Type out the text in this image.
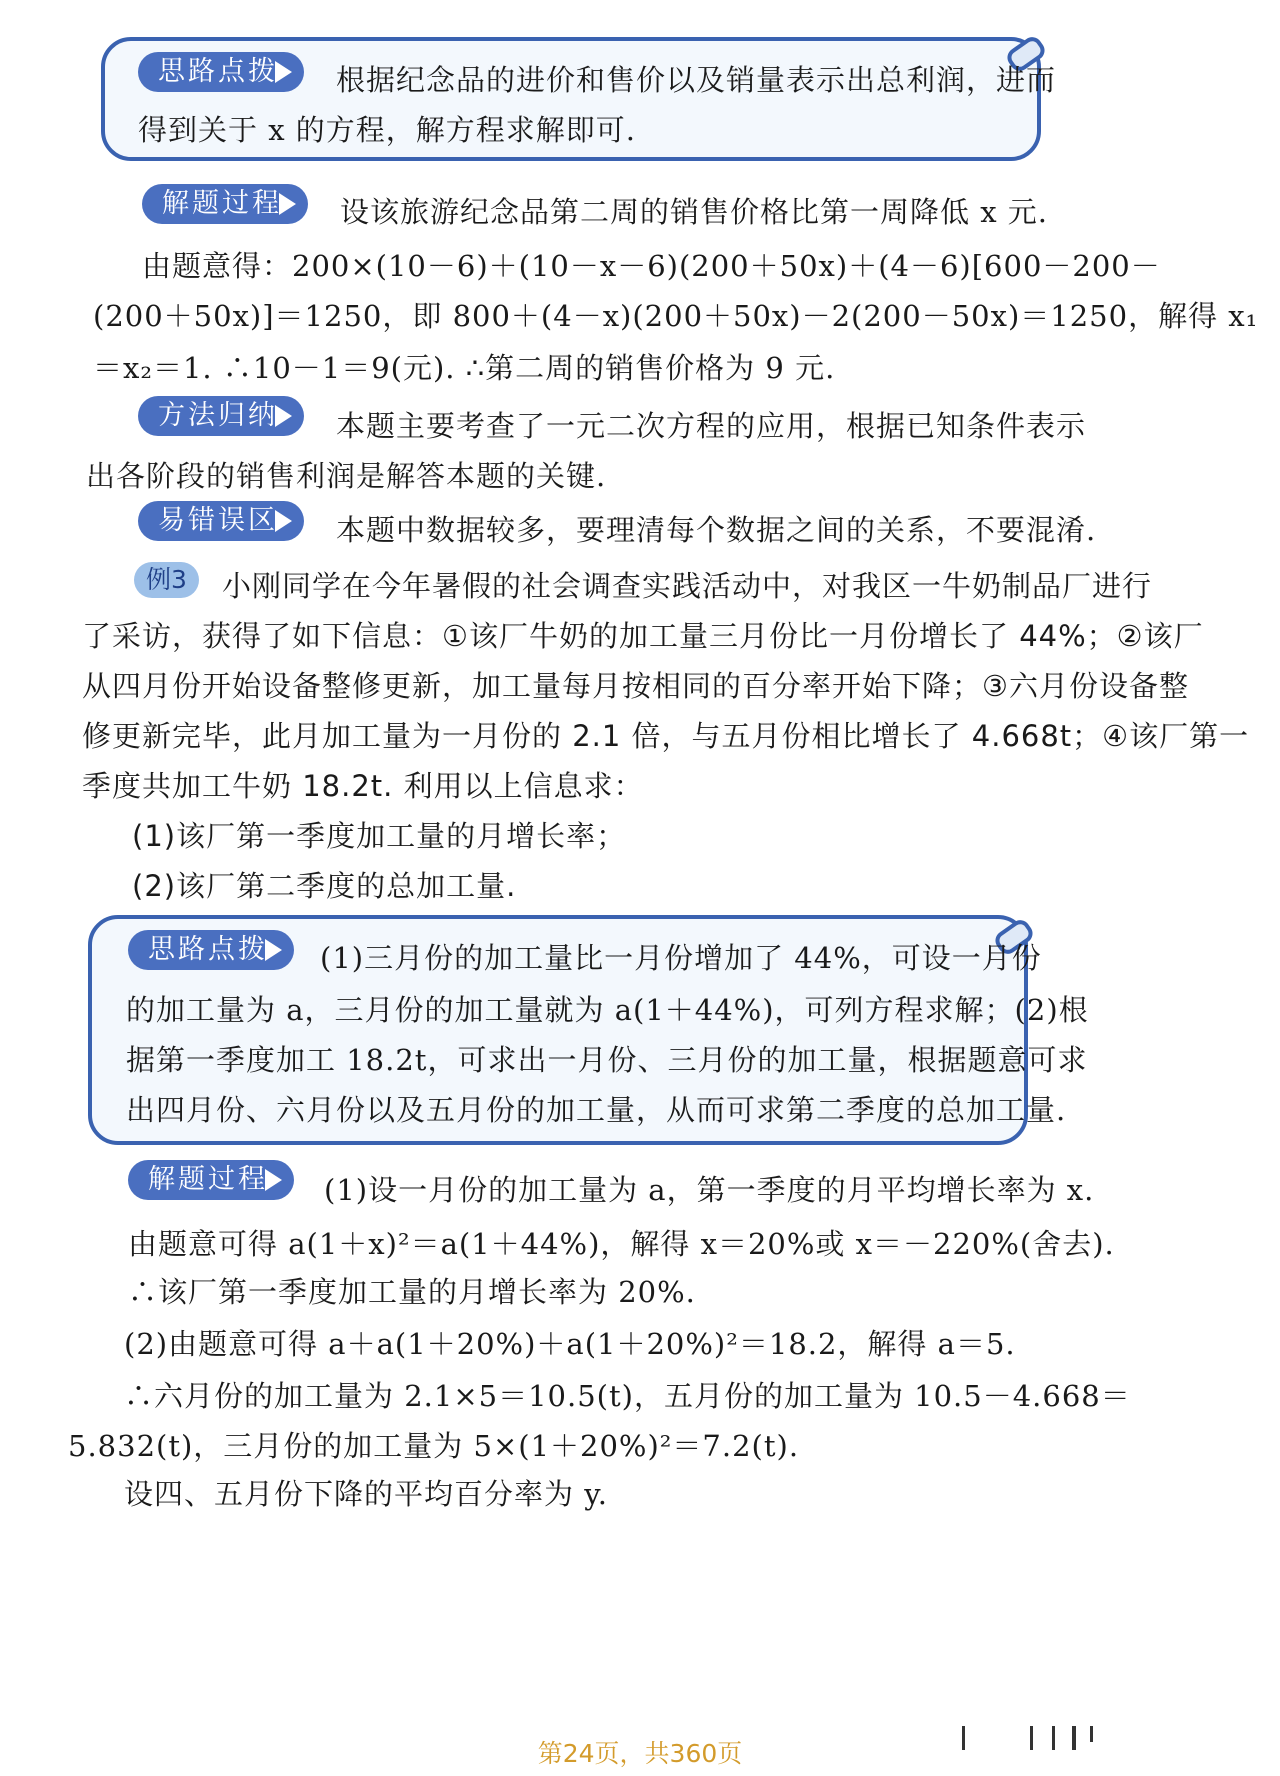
思路点拨	根据纪念品的进价和售价以及销量表示出总利润，进而
得到关于 x 的方程，解方程求解即可.
解题过程	设该旅游纪念品第二周的销售价格比第一周降低 x 元.
由题意得：200×(10－6)＋(10－x－6)(200＋50x)＋(4－6)[600－200－
(200＋50x)]＝1250，即 800＋(4－x)(200＋50x)－2(200－50x)＝1250，解得 x₁
＝x₂＝1. ∴10－1＝9(元). ∴第二周的销售价格为 9 元.
方法归纳	本题主要考查了一元二次方程的应用，根据已知条件表示
出各阶段的销售利润是解答本题的关键.
易错误区	本题中数据较多，要理清每个数据之间的关系，不要混淆.
例3	小刚同学在今年暑假的社会调查实践活动中，对我区一牛奶制品厂进行
了采访，获得了如下信息：①该厂牛奶的加工量三月份比一月份增长了 44%；②该厂
从四月份开始设备整修更新，加工量每月按相同的百分率开始下降；③六月份设备整
修更新完毕，此月加工量为一月份的 2.1 倍，与五月份相比增长了 4.668t；④该厂第一
季度共加工牛奶 18.2t. 利用以上信息求：
(1)该厂第一季度加工量的月增长率；
(2)该厂第二季度的总加工量.
思路点拨	(1)三月份的加工量比一月份增加了 44%，可设一月份
的加工量为 a，三月份的加工量就为 a(1＋44%)，可列方程求解；(2)根
据第一季度加工 18.2t，可求出一月份、三月份的加工量，根据题意可求
出四月份、六月份以及五月份的加工量，从而可求第二季度的总加工量.
解题过程	(1)设一月份的加工量为 a，第一季度的月平均增长率为 x.
由题意可得 a(1＋x)²＝a(1＋44%)，解得 x＝20%或 x＝－220%(舍去).
∴该厂第一季度加工量的月增长率为 20%.
(2)由题意可得 a＋a(1＋20%)＋a(1＋20%)²＝18.2，解得 a＝5.
∴六月份的加工量为 2.1×5＝10.5(t)，五月份的加工量为 10.5－4.668＝
5.832(t)，三月份的加工量为 5×(1＋20%)²＝7.2(t).
设四、五月份下降的平均百分率为 y.
第24页，共360页
